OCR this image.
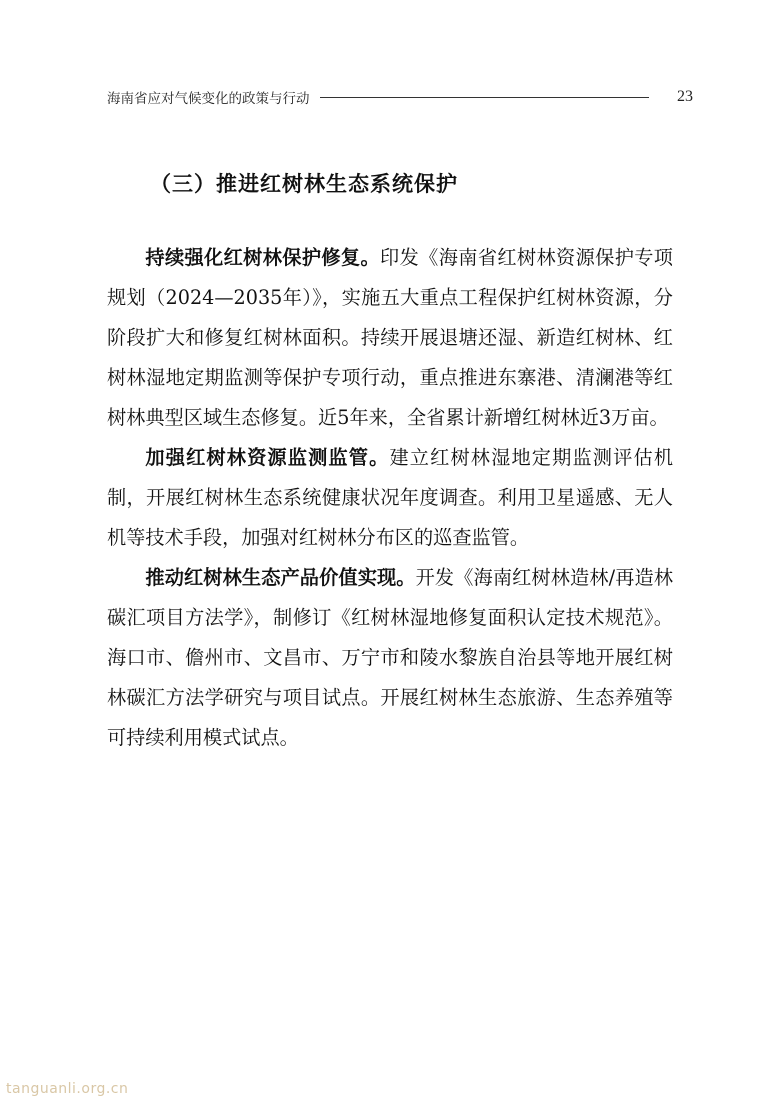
海南省应对气候变化的政策与行动	23
（三）推进红树林生态系统保护

持续强化红树林保护修复。印发《海南省红树林资源保护专项规划（2024—2035年）》，实施五大重点工程保护红树林资源，分阶段扩大和修复红树林面积。持续开展退塘还湿、新造红树林、红树林湿地定期监测等保护专项行动，重点推进东寨港、清澜港等红树林典型区域生态修复。近5年来，全省累计新增红树林近3万亩。

加强红树林资源监测监管。建立红树林湿地定期监测评估机制，开展红树林生态系统健康状况年度调查。利用卫星遥感、无人机等技术手段，加强对红树林分布区的巡查监管。

推动红树林生态产品价值实现。开发《海南红树林造林/再造林碳汇项目方法学》，制修订《红树林湿地修复面积认定技术规范》。海口市、儋州市、文昌市、万宁市和陵水黎族自治县等地开展红树林碳汇方法学研究与项目试点。开展红树林生态旅游、生态养殖等可持续利用模式试点。

tanguanli.org.cn
